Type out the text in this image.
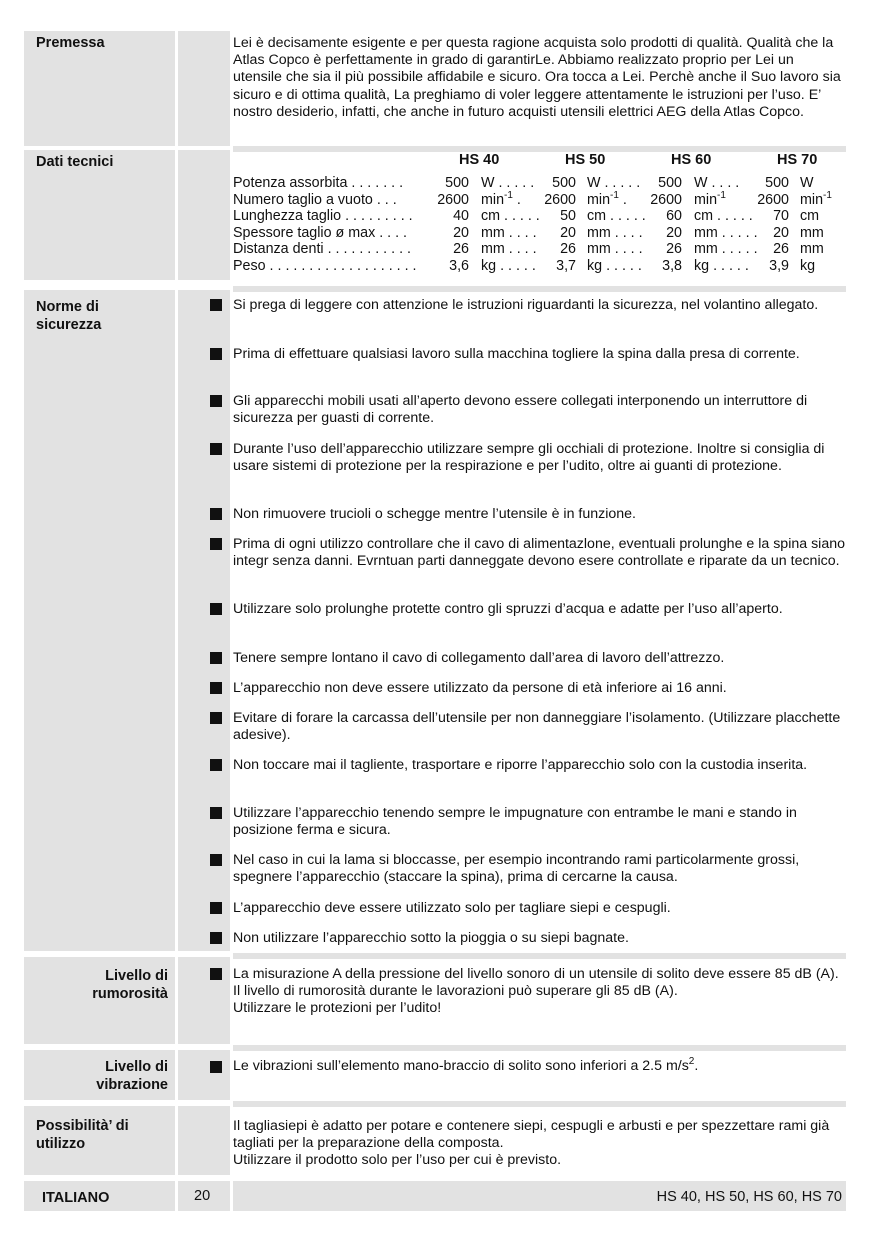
Premessa	Lei è decisamente esigente e per questa ragione acquista solo prodotti di qualità. Qualità che la Atlas Copco è perfettamente in grado di garantirLe. Abbiamo realizzato proprio per Lei un utensile che sia il più possibile affidabile e sicuro. Ora tocca a Lei. Perchè anche il Suo lavoro sia sicuro e di ottima qualità, La preghiamo di voler leggere attentamente le istruzioni per l’uso. E’ nostro desiderio, infatti, che anche in futuro acquisti utensili elettrici AEG della Atlas Copco.
Dati tecnici	HS 40	HS 50	HS 60	HS 70
Potenza assorbita . . . . . . .	500 W . . . . . 500 W . . . . . 500 W . . . . 500 W
Numero taglio a vuoto . . .	2600 $\min^{-1}$ . 2600 $\min^{-1}$ . 2600 $\min^{-1} 2600$ $\min^{-1}$
Lunghezza taglio . . . . . . . . .	40 cm . . . . . 50 cm . . . . . 60 cm . . . . . 70 cm
Spessore taglio ø max . . . .	20 mm . . . . 20 mm . . . . 20 mm . . . . . 20 mm
Distanza denti . . . . . . . . . . .	26 mm . . . . 26 mm . . . . 26 mm . . . . . 26 mm
Peso . . . . . . . . . . . . . . . . . . . 3,6 kg . . . . . 3,7 kg . . . . . 3,8 kg . . . . . 3,9 kg
Norme di
sicurezza
Si prega di leggere con attenzione le istruzioni riguardanti la sicurezza, nel volantino allegato.
Prima di effettuare qualsiasi lavoro sulla macchina togliere la spina dalla presa di corrente.
Gli apparecchi mobili usati all’aperto devono essere collegati interponendo un interruttore di sicurezza per guasti di corrente.
Durante l’uso dell’apparecchio utilizzare sempre gli occhiali di protezione. Inoltre si consiglia di usare sistemi di protezione per la respirazione e per l’udito, oltre ai guanti di protezione.
Non rimuovere trucioli o schegge mentre l’utensile è in funzione.
Prima di ogni utilizzo controllare che il cavo di alimentazlone, eventuali prolunghe e la spina siano integr senza danni. Evrntuan parti danneggate devono esere controllate e riparate da un tecnico.
Utilizzare solo prolunghe protette contro gli spruzzi d’acqua e adatte per l’uso all’aperto.
Tenere sempre lontano il cavo di collegamento dall’area di lavoro dell’attrezzo.
L’apparecchio non deve essere utilizzato da persone di età inferiore ai 16 anni.
Evitare di forare la carcassa dell’utensile per non danneggiare l’isolamento. (Utilizzare placchette adesive).
Non toccare mai il tagliente, trasportare e riporre l’apparecchio solo con la custodia inserita.
Utilizzare l’apparecchio tenendo sempre le impugnature con entrambe le mani e stando in posizione ferma e sicura.
Nel caso in cui la lama si bloccasse, per esempio incontrando rami particolarmente grossi, spegnere l’apparecchio (staccare la spina), prima di cercarne la causa.
L’apparecchio deve essere utilizzato solo per tagliare siepi e cespugli.
Non utilizzare l’apparecchio sotto la pioggia o su siepi bagnate.
Livello di
rumorosità
La misurazione A della pressione del livello sonoro di un utensile di solito deve essere 85 dB (A).
Il livello di rumorosità durante le lavorazioni può superare gli 85 dB (A).
Utilizzare le protezioni per l’udito!
Livello di
vibrazione
Le vibrazioni sull’elemento mano-braccio di solito sono inferiori a 2.5 $m/s^2$.
Possibilità’ di
utilizzo
Il tagliasiepi è adatto per potare e contenere siepi, cespugli e arbusti e per spezzettare rami già tagliati per la preparazione della composta.
Utilizzare il prodotto solo per l’uso per cui è previsto.
ITALIANO	20	HS 40, HS 50, HS 60, HS 70
